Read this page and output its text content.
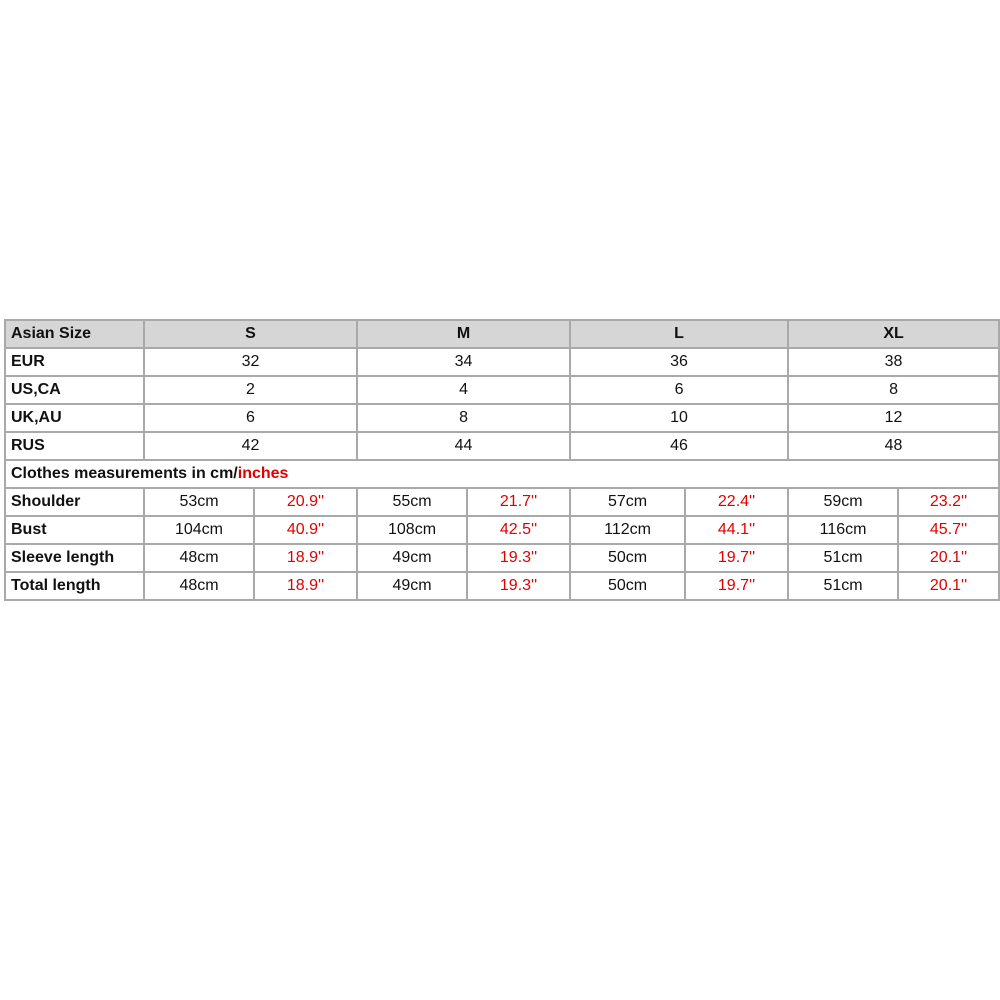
Asian Size	S		M		L		XL	
EUR	32		34		36		38	
US,CA	2		4		6		8	
UK,AU	6		8		10		12	
RUS	42		44		46		48	
Clothes measurements in cm/inches								
Shoulder	53cm	20.9''	55cm	21.7''	57cm	22.4''	59cm	23.2''
Bust	104cm	40.9''	108cm	42.5''	112cm	44.1''	116cm	45.7''
Sleeve length	48cm	18.9''	49cm	19.3''	50cm	19.7''	51cm	20.1''
Total length	48cm	18.9''	49cm	19.3''	50cm	19.7''	51cm	20.1''
